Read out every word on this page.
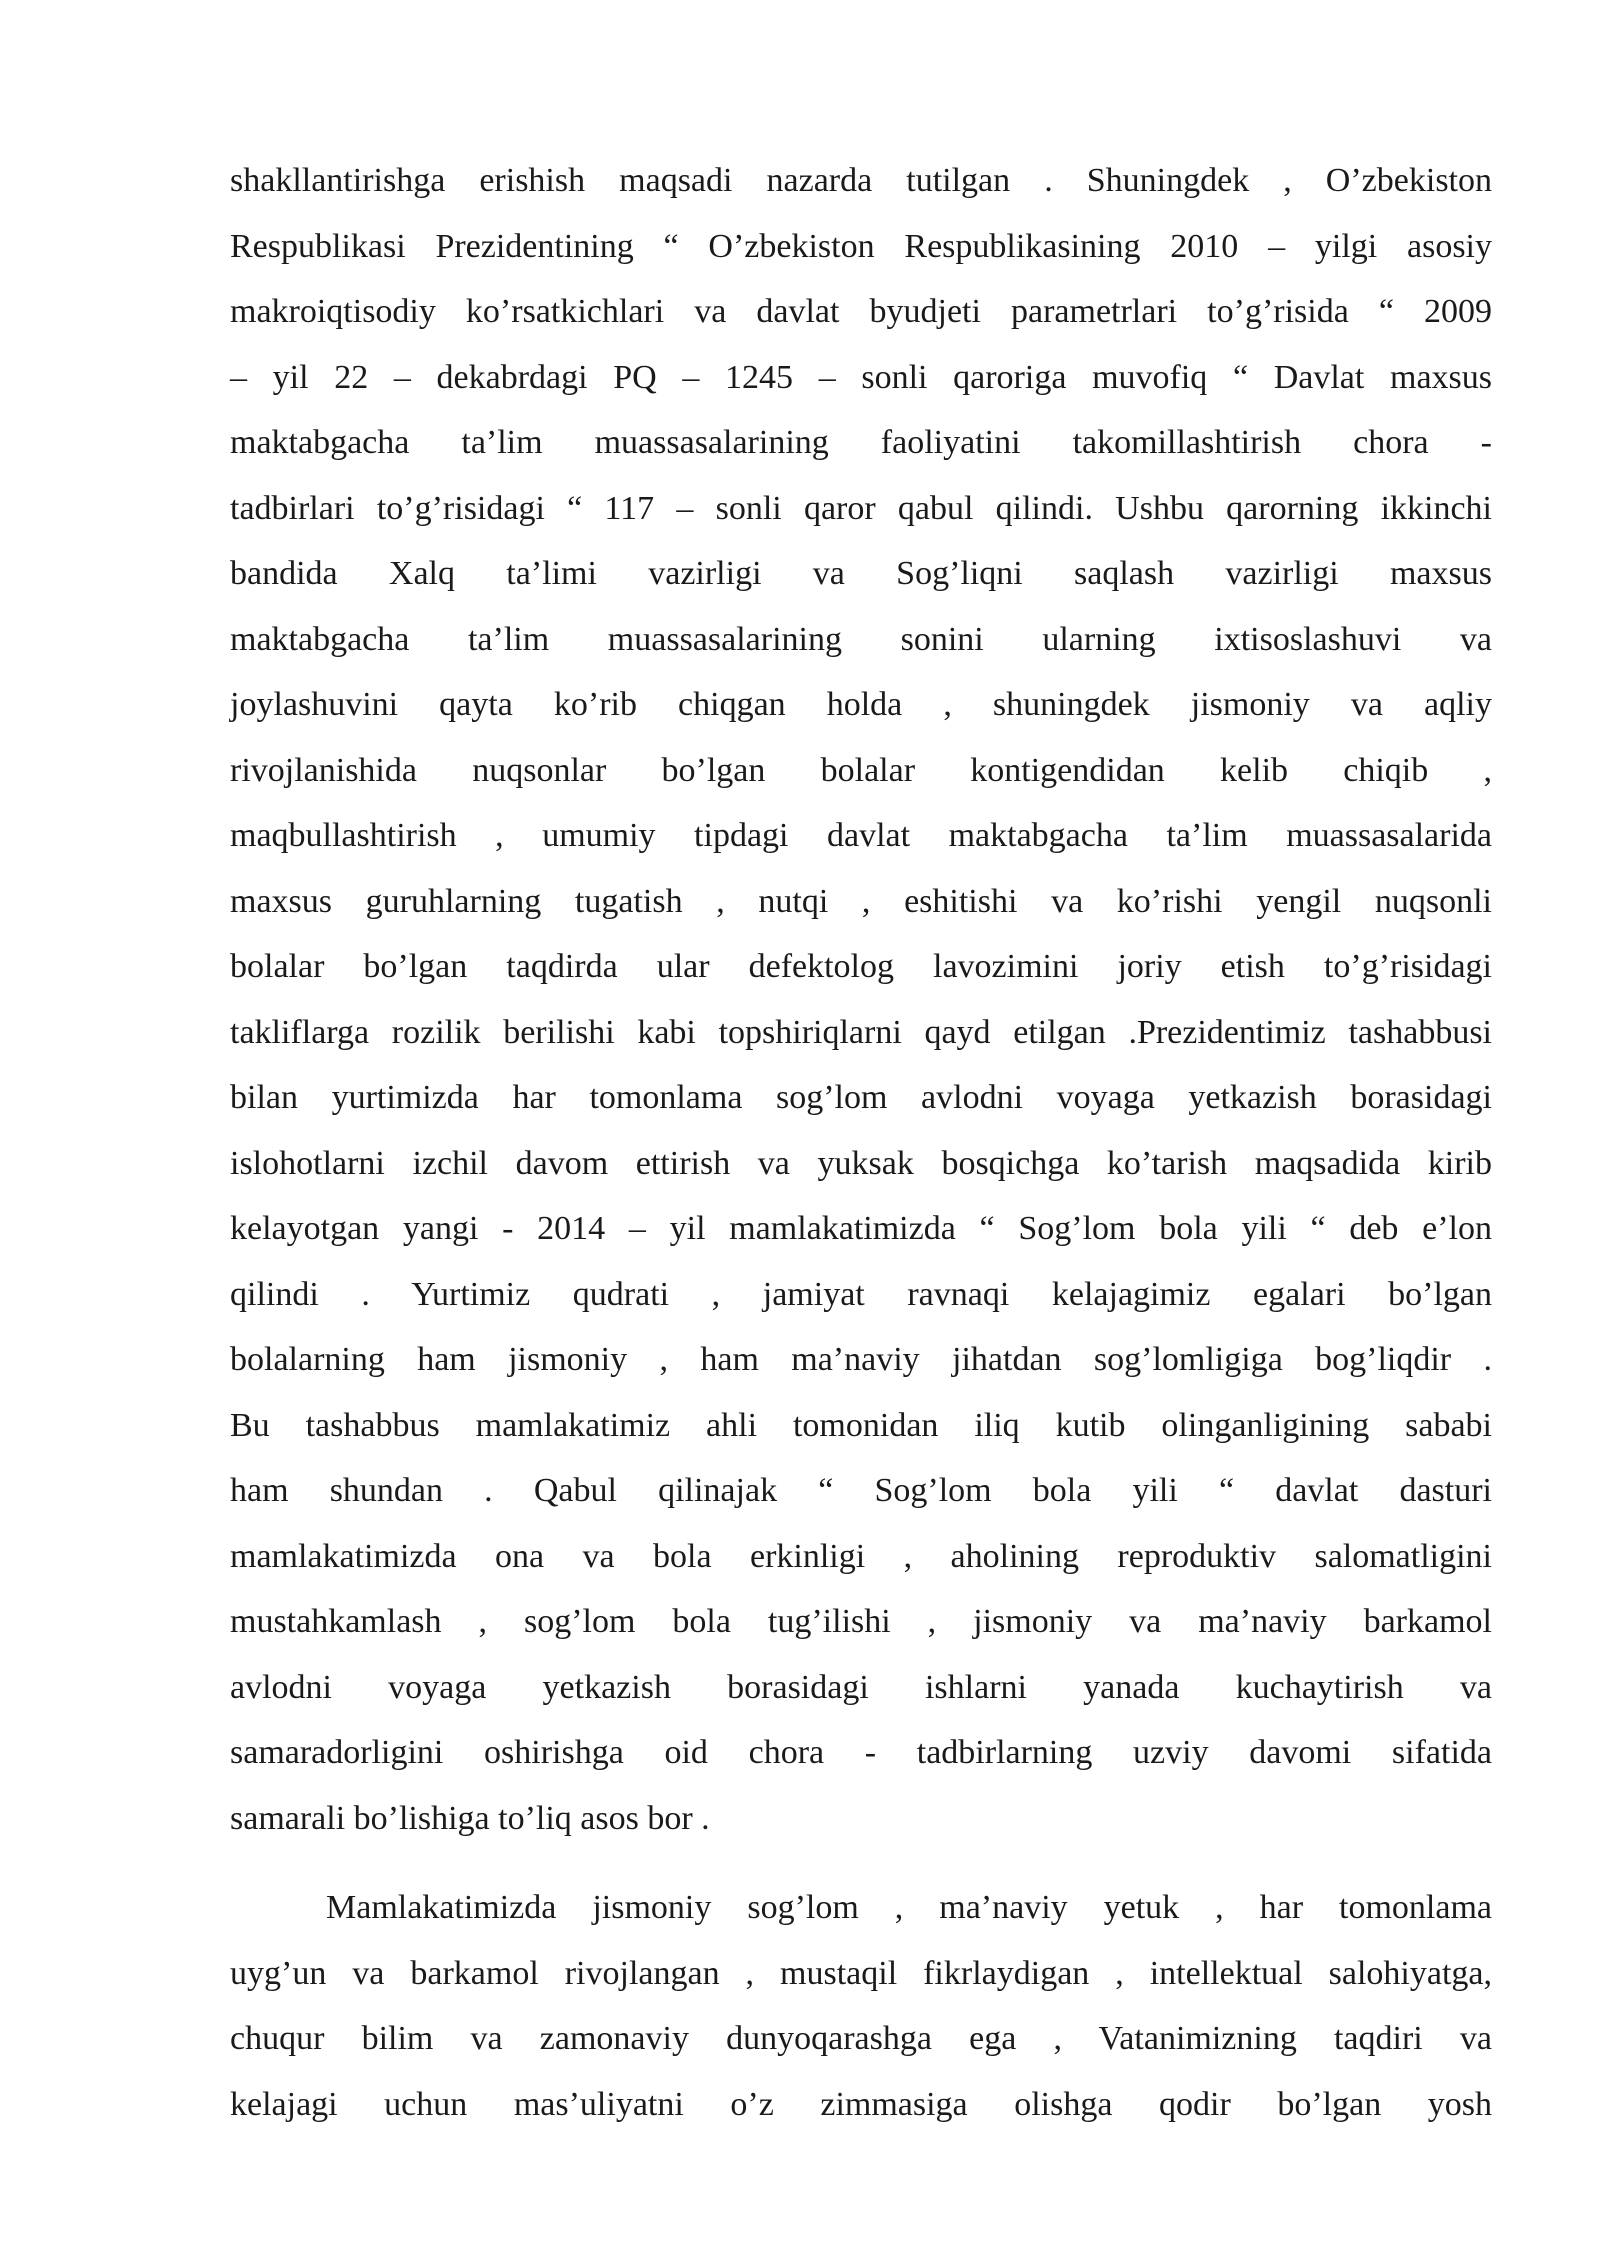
shakllantirishga erishish maqsadi nazarda tutilgan . Shuningdek , O’zbekiston
Respublikasi Prezidentining “ O’zbekiston Respublikasining 2010 – yilgi asosiy
makroiqtisodiy ko’rsatkichlari va davlat byudjeti parametrlari to’g’risida “ 2009
– yil 22 – dekabrdagi PQ – 1245 – sonli qaroriga muvofiq “ Davlat maxsus
maktabgacha ta’lim muassasalarining faoliyatini takomillashtirish chora -
tadbirlari to’g’risidagi “ 117 – sonli qaror qabul qilindi. Ushbu qarorning ikkinchi
bandida Xalq ta’limi vazirligi va Sog’liqni saqlash vazirligi maxsus
maktabgacha ta’lim muassasalarining sonini ularning ixtisoslashuvi va
joylashuvini qayta ko’rib chiqgan holda , shuningdek jismoniy va aqliy
rivojlanishida nuqsonlar bo’lgan bolalar kontigendidan kelib chiqib ,
maqbullashtirish , umumiy tipdagi davlat maktabgacha ta’lim muassasalarida
maxsus guruhlarning tugatish , nutqi , eshitishi va ko’rishi yengil nuqsonli
bolalar bo’lgan taqdirda ular defektolog lavozimini joriy etish to’g’risidagi
takliflarga rozilik berilishi kabi topshiriqlarni qayd etilgan .Prezidentimiz tashabbusi
bilan yurtimizda har tomonlama sog’lom avlodni voyaga yetkazish borasidagi
islohotlarni izchil davom ettirish va yuksak bosqichga ko’tarish maqsadida kirib
kelayotgan yangi - 2014 – yil mamlakatimizda “ Sog’lom bola yili “ deb e’lon
qilindi . Yurtimiz qudrati , jamiyat ravnaqi kelajagimiz egalari bo’lgan
bolalarning ham jismoniy , ham ma’naviy jihatdan sog’lomligiga bog’liqdir .
Bu tashabbus mamlakatimiz ahli tomonidan iliq kutib olinganligining sababi
ham shundan . Qabul qilinajak “ Sog’lom bola yili “ davlat dasturi
mamlakatimizda ona va bola erkinligi , aholining reproduktiv salomatligini
mustahkamlash , sog’lom bola tug’ilishi , jismoniy va ma’naviy barkamol
avlodni voyaga yetkazish borasidagi ishlarni yanada kuchaytirish va
samaradorligini oshirishga oid chora - tadbirlarning uzviy davomi sifatida
samarali bo’lishiga to’liq asos bor .
Mamlakatimizda jismoniy sog’lom , ma’naviy yetuk , har tomonlama
uyg’un va barkamol rivojlangan , mustaqil fikrlaydigan , intellektual salohiyatga,
chuqur bilim va zamonaviy dunyoqarashga ega , Vatanimizning taqdiri va
kelajagi uchun mas’uliyatni o’z zimmasiga olishga qodir bo’lgan yosh
